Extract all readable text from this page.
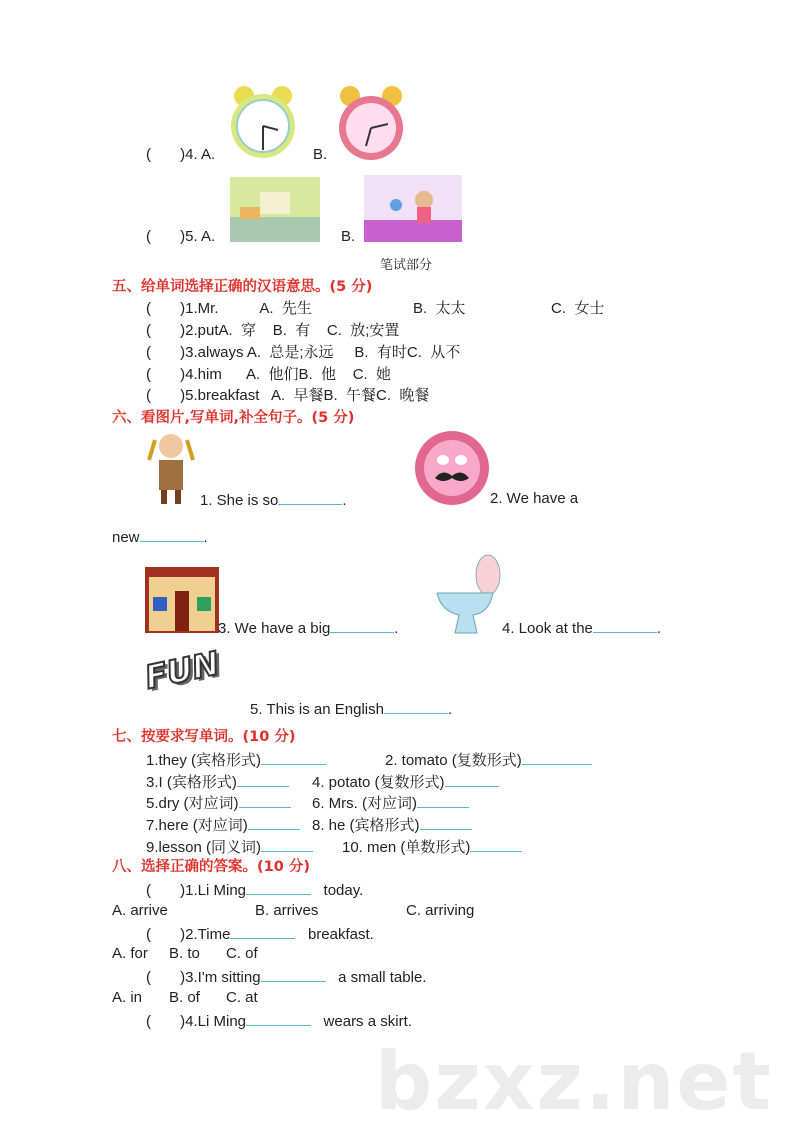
(       )4. A.	B.
(       )5. A.	B.
笔试部分
五、给单词选择正确的汉语意思。(5 分)
(       )1.Mr.          A.  先生	B.  太太	C.  女士
(       )2.putA.  穿    B.  有    C.  放;安置
(       )3.always A.  总是;永远     B.  有时C.  从不
(       )4.him      A.  他们B.  他    C.  她
(       )5.breakfast   A.  早餐B.  午餐C.  晚餐
六、看图片,写单词,补全句子。(5 分)
1. She is so	.	2. We have a
new	.
3. We have a big	.	4. Look at the	.
FUN
5. This is an English	.
七、按要求写单词。(10 分)
1.they (宾格形式)	2. tomato (复数形式)
3.I (宾格形式)	4. potato (复数形式)
5.dry (对应词)	6. Mrs. (对应词)
7.here (对应词)	8. he (宾格形式)
9.lesson (同义词)	10. men (单数形式)
八、选择正确的答案。(10 分)
(       )1.Li Ming	today.
A. arrive	B. arrives	C. arriving
(       )2.Time	breakfast.
A. for B. to C. of
(       )3.I'm sitting	a small table.
A. in B. of C. at
(       )4.Li Ming	wears a skirt.
bzxz.net
